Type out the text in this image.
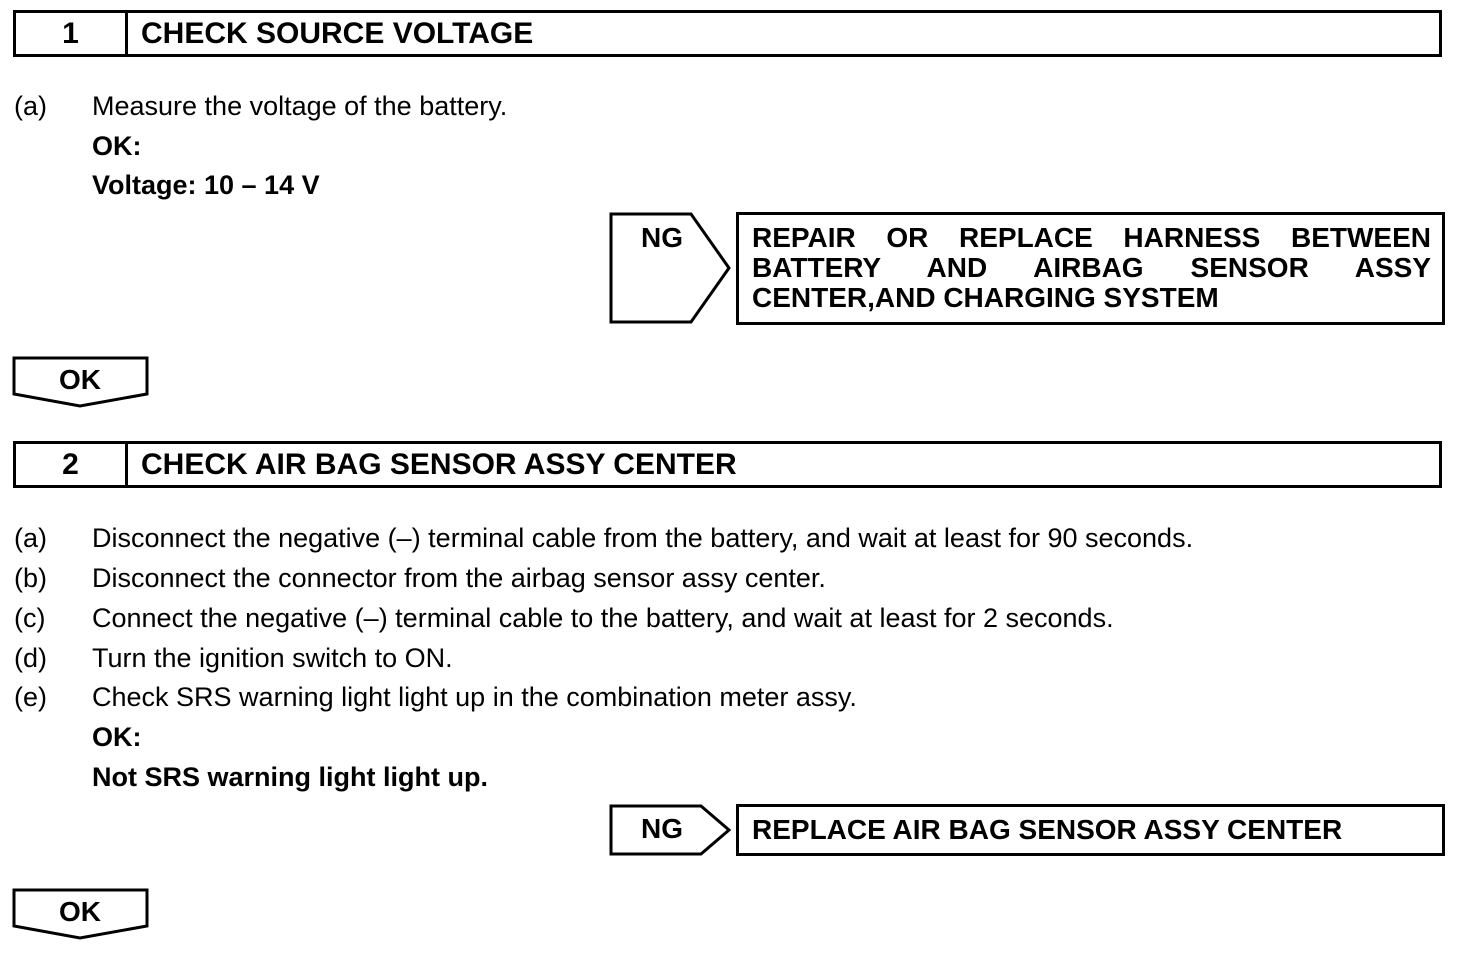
1	CHECK SOURCE VOLTAGE
(a) Measure the voltage of the battery.
OK:
Voltage: 10 – 14 V
NG	REPAIR OR REPLACE HARNESS BETWEEN BATTERY AND AIRBAG SENSOR ASSY CENTER,AND CHARGING SYSTEM
OK
2	CHECK AIR BAG SENSOR ASSY CENTER
(a) Disconnect the negative (–) terminal cable from the battery, and wait at least for 90 seconds.
(b) Disconnect the connector from the airbag sensor assy center.
(c) Connect the negative (–) terminal cable to the battery, and wait at least for 2 seconds.
(d) Turn the ignition switch to ON.
(e) Check SRS warning light light up in the combination meter assy.
OK:
Not SRS warning light light up.
NG	REPLACE AIR BAG SENSOR ASSY CENTER
OK
